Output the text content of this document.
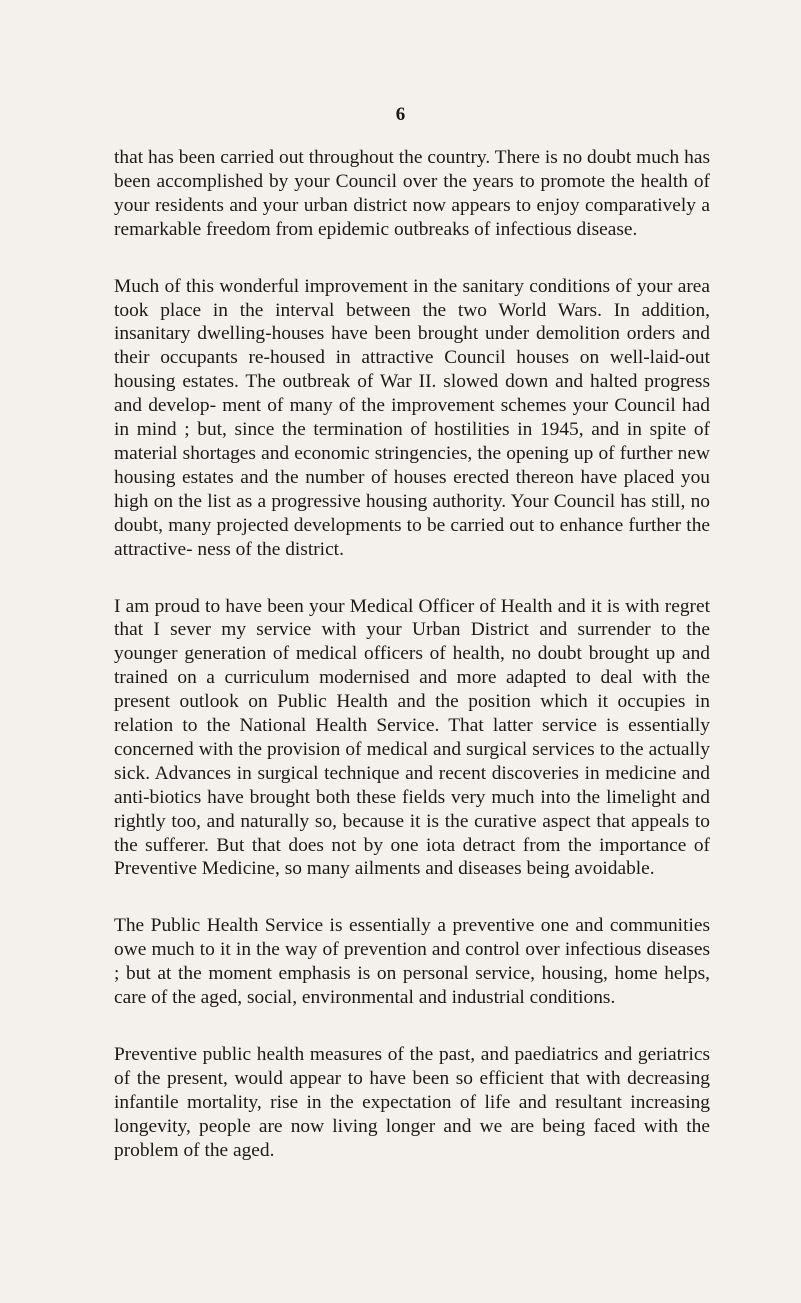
6

that has been carried out throughout the country. There is no doubt much has been accomplished by your Council over the years to promote the health of your residents and your urban district now appears to enjoy comparatively a remarkable freedom from epidemic outbreaks of infectious disease.

Much of this wonderful improvement in the sanitary conditions of your area took place in the interval between the two World Wars. In addition, insanitary dwelling-houses have been brought under demolition orders and their occupants re-housed in attractive Council houses on well-laid-out housing estates. The outbreak of War II. slowed down and halted progress and develop- ment of many of the improvement schemes your Council had in mind ; but, since the termination of hostilities in 1945, and in spite of material shortages and economic stringencies, the opening up of further new housing estates and the number of houses erected thereon have placed you high on the list as a progressive housing authority. Your Council has still, no doubt, many projected developments to be carried out to enhance further the attractive- ness of the district.

I am proud to have been your Medical Officer of Health and it is with regret that I sever my service with your Urban District and surrender to the younger generation of medical officers of health, no doubt brought up and trained on a curriculum modernised and more adapted to deal with the present outlook on Public Health and the position which it occupies in relation to the National Health Service. That latter service is essentially concerned with the provision of medical and surgical services to the actually sick. Advances in surgical technique and recent discoveries in medicine and anti-biotics have brought both these fields very much into the limelight and rightly too, and naturally so, because it is the curative aspect that appeals to the sufferer. But that does not by one iota detract from the importance of Preventive Medicine, so many ailments and diseases being avoidable.

The Public Health Service is essentially a preventive one and communities owe much to it in the way of prevention and control over infectious diseases ; but at the moment emphasis is on personal service, housing, home helps, care of the aged, social, environmental and industrial conditions.

Preventive public health measures of the past, and paediatrics and geriatrics of the present, would appear to have been so efficient that with decreasing infantile mortality, rise in the expectation of life and resultant increasing longevity, people are now living longer and we are being faced with the problem of the aged.
